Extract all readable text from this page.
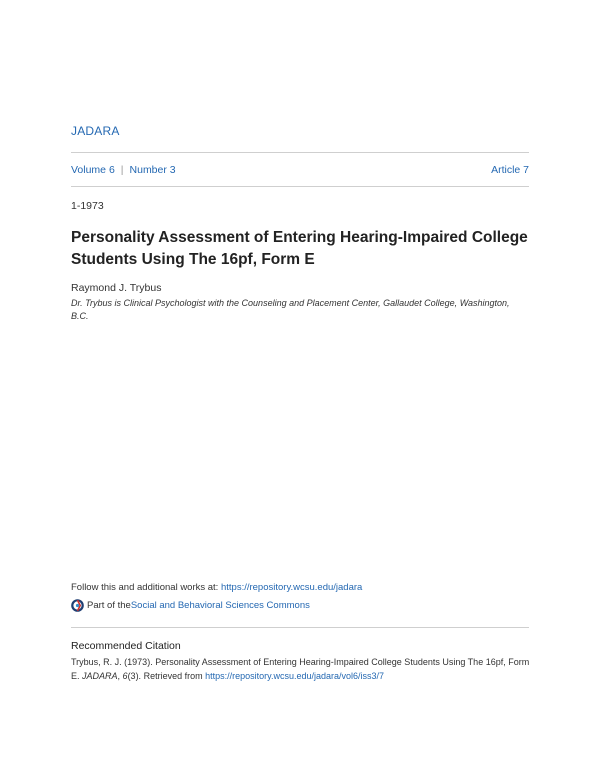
JADARA
Volume 6 | Number 3	Article 7
1-1973
Personality Assessment of Entering Hearing-Impaired College Students Using The 16pf, Form E
Raymond J. Trybus
Dr. Trybus is Clinical Psychologist with the Counseling and Placement Center, Gallaudet College, Washington, B.C.
Follow this and additional works at: https://repository.wcsu.edu/jadara
Part of the Social and Behavioral Sciences Commons
Recommended Citation
Trybus, R. J. (1973). Personality Assessment of Entering Hearing-Impaired College Students Using The 16pf, Form E. JADARA, 6(3). Retrieved from https://repository.wcsu.edu/jadara/vol6/iss3/7
